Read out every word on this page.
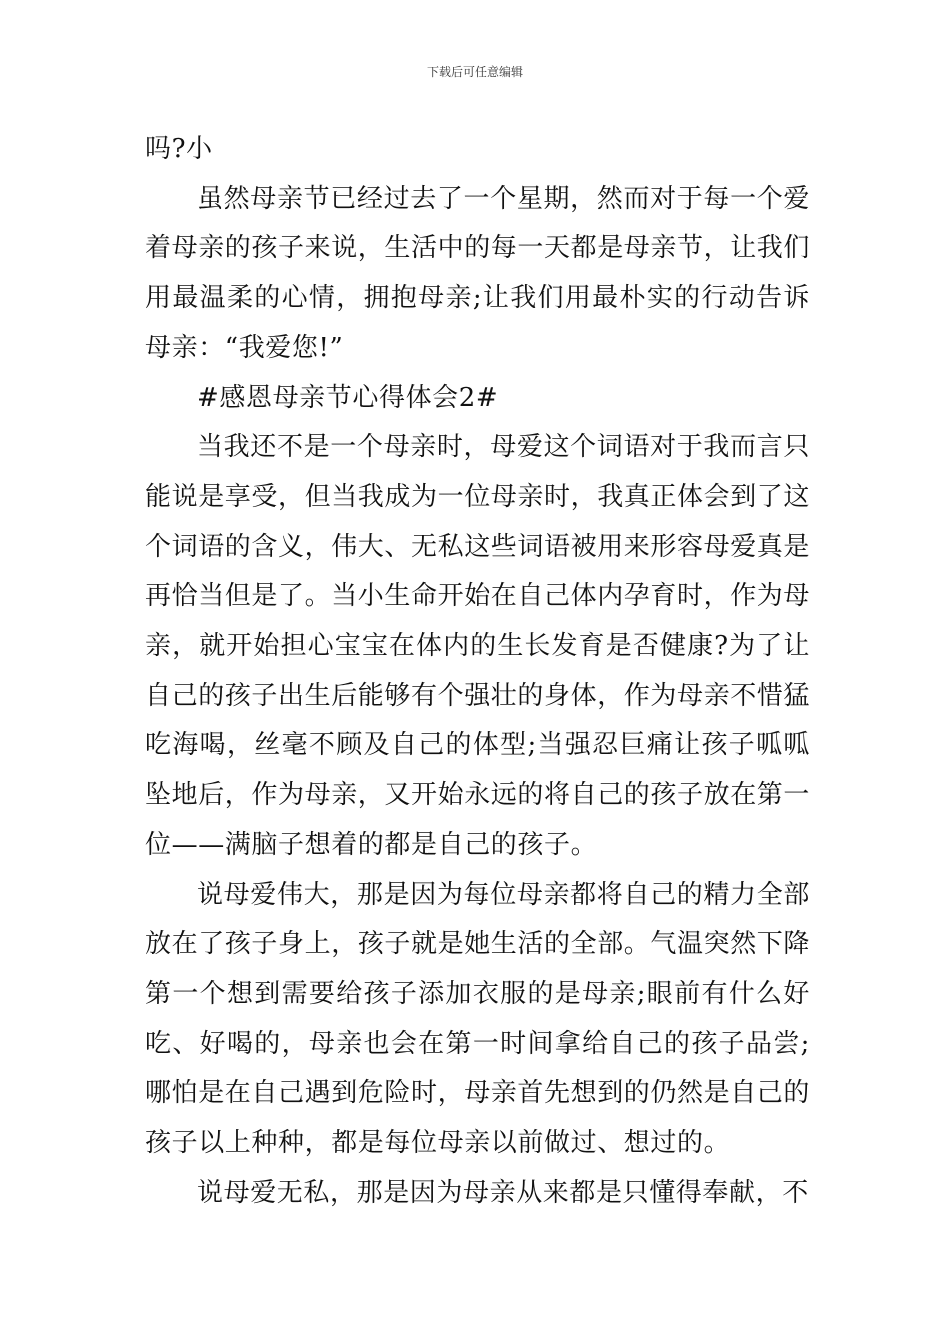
下载后可任意编辑

吗?小

虽然母亲节已经过去了一个星期，然而对于每一个爱着母亲的孩子来说，生活中的每一天都是母亲节，让我们用最温柔的心情，拥抱母亲;让我们用最朴实的行动告诉母亲：“我爱您!”

#感恩母亲节心得体会2#

当我还不是一个母亲时，母爱这个词语对于我而言只能说是享受，但当我成为一位母亲时，我真正体会到了这个词语的含义，伟大、无私这些词语被用来形容母爱真是再恰当但是了。当小生命开始在自己体内孕育时，作为母亲，就开始担心宝宝在体内的生长发育是否健康?为了让自己的孩子出生后能够有个强壮的身体，作为母亲不惜猛吃海喝，丝毫不顾及自己的体型;当强忍巨痛让孩子呱呱坠地后，作为母亲，又开始永远的将自己的孩子放在第一位——满脑子想着的都是自己的孩子。

说母爱伟大，那是因为每位母亲都将自己的精力全部放在了孩子身上，孩子就是她生活的全部。气温突然下降第一个想到需要给孩子添加衣服的是母亲;眼前有什么好吃、好喝的，母亲也会在第一时间拿给自己的孩子品尝;哪怕是在自己遇到危险时，母亲首先想到的仍然是自己的孩子以上种种，都是每位母亲以前做过、想过的。

说母爱无私，那是因为母亲从来都是只懂得奉献，不
